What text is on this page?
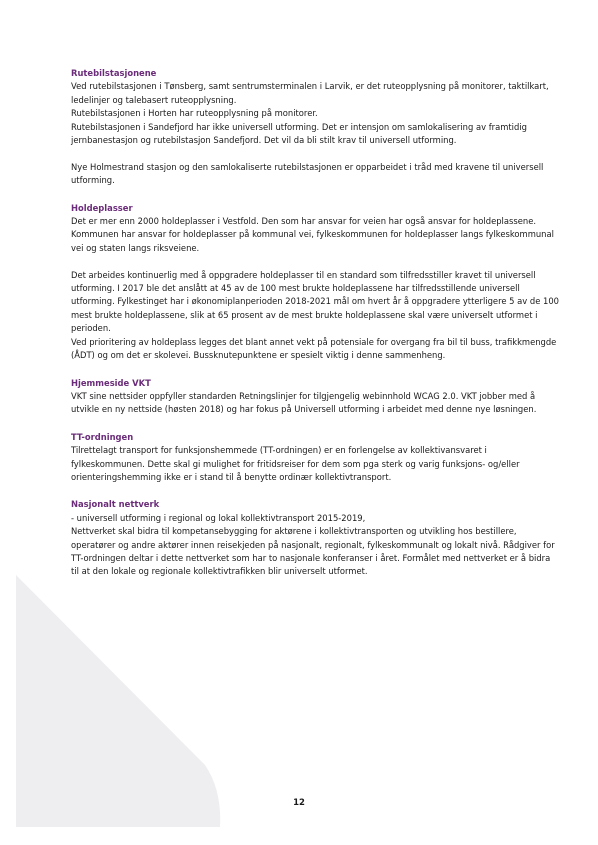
Rutebilstasjonene

Ved rutebilstasjonen i Tønsberg, samt sentrumsterminalen i Larvik, er det ruteopplysning på monitorer, taktilkart, ledelinjer og talebasert ruteopplysning.

Rutebilstasjonen i Horten har ruteopplysning på monitorer.

Rutebilstasjonen i Sandefjord har ikke universell utforming. Det er intensjon om samlokalisering av framtidig jernbanestasjon og rutebilstasjon Sandefjord. Det vil da bli stilt krav til universell utforming.

Nye Holmestrand stasjon og den samlokaliserte rutebilstasjonen er opparbeidet i tråd med kravene til universell utforming.

Holdeplasser

Det er mer enn 2000 holdeplasser i Vestfold. Den som har ansvar for veien har også ansvar for holdeplassene. Kommunen har ansvar for holdeplasser på kommunal vei, fylkeskommunen for holdeplasser langs fylkeskommunal vei og staten langs riksveiene.

Det arbeides kontinuerlig med å oppgradere holdeplasser til en standard som tilfredsstiller kravet til universell utforming. I 2017 ble det anslått at 45 av de 100 mest brukte holdeplassene har tilfredsstillende universell utforming. Fylkestinget har i økonomiplanperioden 2018-2021 mål om hvert år å oppgradere ytterligere 5 av de 100 mest brukte holdeplassene, slik at 65 prosent av de mest brukte holdeplassene skal være universelt utformet i perioden.

Ved prioritering av holdeplass legges det blant annet vekt på potensiale for overgang fra bil til buss, trafikkmengde (ÅDT) og om det er skolevei. Bussknutepunktene er spesielt viktig i denne sammenheng.

Hjemmeside VKT

VKT sine nettsider oppfyller standarden Retningslinjer for tilgjengelig webinnhold WCAG 2.0. VKT jobber med å utvikle en ny nettside (høsten 2018) og har fokus på Universell utforming i arbeidet med denne nye løsningen.

TT-ordningen

Tilrettelagt transport for funksjonshemmede (TT-ordningen) er en forlengelse av kollektivansvaret i fylkeskommunen. Dette skal gi mulighet for fritidsreiser for dem som pga sterk og varig funksjons- og/eller orienteringshemming ikke er i stand til å benytte ordinær kollektivtransport.

Nasjonalt nettverk

- universell utforming i regional og lokal kollektivtransport 2015-2019,

Nettverket skal bidra til kompetansebygging for aktørene i kollektivtransporten og utvikling hos bestillere, operatører og andre aktører innen reisekjeden på nasjonalt, regionalt, fylkeskommunalt og lokalt nivå. Rådgiver for TT-ordningen deltar i dette nettverket som har to nasjonale konferanser i året. Formålet med nettverket er å bidra til at den lokale og regionale kollektivtrafikken blir universelt utformet.

12
